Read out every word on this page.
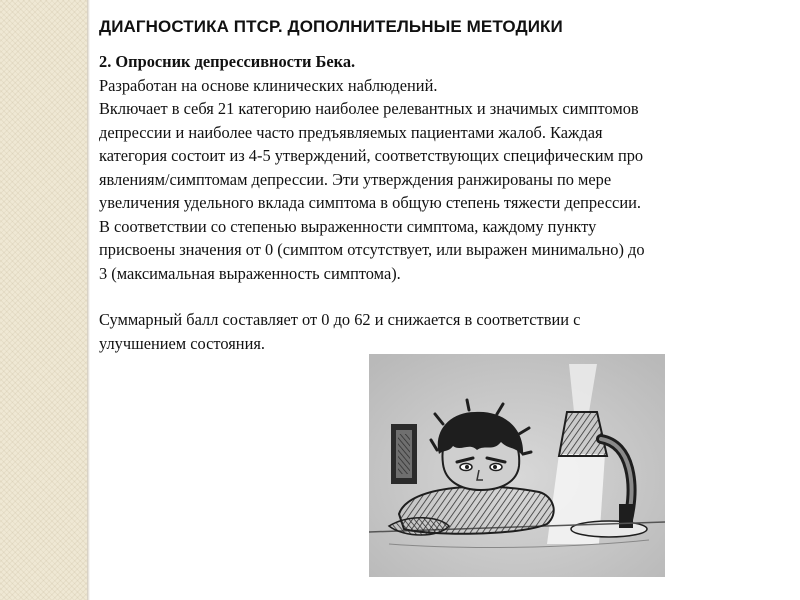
ДИАГНОСТИКА ПТСР. ДОПОЛНИТЕЛЬНЫЕ МЕТОДИКИ
2. Опросник депрессивности Бека.
Разработан на основе клинических наблюдений.
Включает в себя 21 категорию наиболее релевантных и значимых симптомов
депрессии и наиболее часто предъявляемых пациентами жалоб. Каждая
категория состоит из 4-5 утверждений, соответствующих специфическим про
явлениям/симптомам депрессии. Эти утверждения ранжированы по мере
увеличения удельного вклада симптома в общую степень тяжести депрессии.
В соответствии со степенью выраженности симптома, каждому пункту
присвоены значения от 0 (симптом отсутствует, или выражен минимально) до
3 (максимальная выраженность симптома).
Суммарный балл составляет от 0 до 62 и снижается в соответствии с
улучшением состояния.
